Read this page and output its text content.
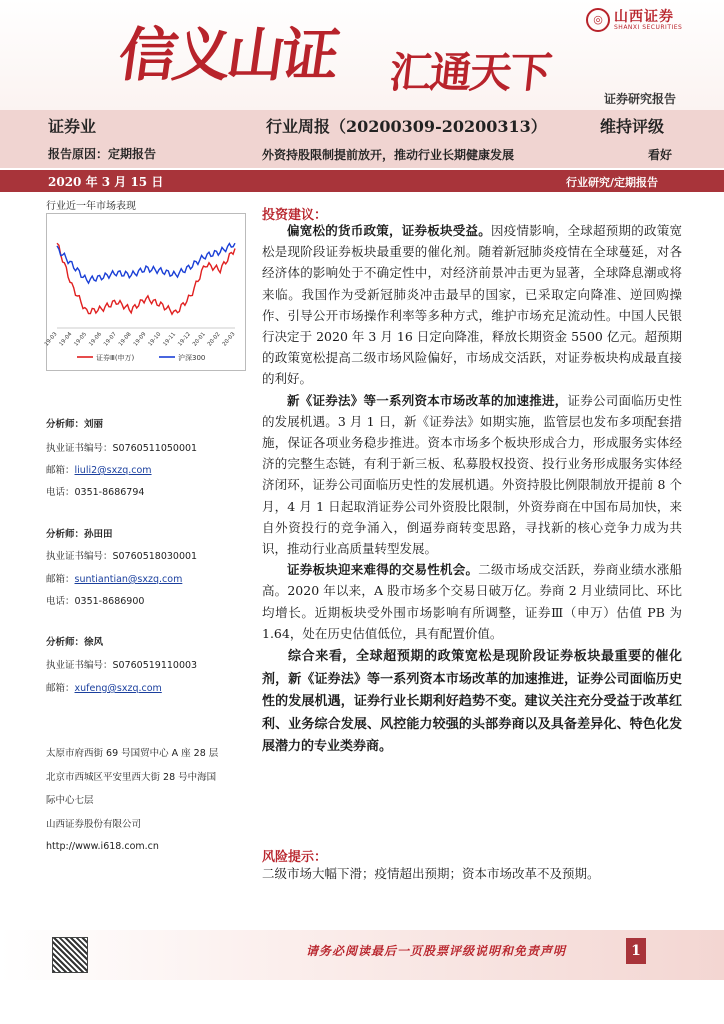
信义山证 汇通天下
◎ 山西证券
SHANXI SECURITIES
证券研究报告
证券业	行业周报（20200309-20200313）	维持评级
报告原因：定期报告	外资持股限制提前放开，推动行业长期健康发展	看好
2020 年 3 月 15 日	行业研究/定期报告
行业近一年市场表现
19-03 19-04 19-05 19-06 19-07 19-08 19-09 19-10 19-11 19-12 20-01 20-02 20-03
证券Ⅲ(申万)	沪深300
分析师：刘丽
执业证书编号：S0760511050001
邮箱：liuli2@sxzq.com
电话：0351-8686794
分析师：孙田田
执业证书编号：S0760518030001
邮箱：suntiantian@sxzq.com
电话：0351-8686900
分析师：徐风
执业证书编号：S0760519110003
邮箱：xufeng@sxzq.com
太原市府西街 69 号国贸中心 A 座 28 层
北京市西城区平安里西大街 28 号中海国
际中心七层
山西证券股份有限公司
http://www.i618.com.cn
投资建议：

偏宽松的货币政策，证券板块受益。因疫情影响，全球超预期的政策宽松是现阶段证券板块最重要的催化剂。随着新冠肺炎疫情在全球蔓延，对各经济体的影响处于不确定性中，对经济前景冲击更为显著，全球降息潮或将来临。我国作为受新冠肺炎冲击最早的国家，已采取定向降准、逆回购操作、引导公开市场操作利率等多种方式，维护市场充足流动性。中国人民银行决定于 2020 年 3 月 16 日定向降准，释放长期资金 5500 亿元。超预期的政策宽松提高二级市场风险偏好，市场成交活跃，对证券板块构成最直接的利好。

新《证券法》等一系列资本市场改革的加速推进，证券公司面临历史性的发展机遇。3 月 1 日，新《证券法》如期实施，监管层也发布多项配套措施，保证各项业务稳步推进。资本市场多个板块形成合力，形成服务实体经济的完整生态链，有利于新三板、私募股权投资、投行业务形成服务实体经济闭环，证券公司面临历史性的发展机遇。外资持股比例限制放开提前 8 个月，4 月 1 日起取消证券公司外资股比限制，外资券商在中国布局加快，来自外资投行的竞争涌入，倒逼券商转变思路，寻找新的核心竞争力成为共识，推动行业高质量转型发展。

证券板块迎来难得的交易性机会。二级市场成交活跃，券商业绩水涨船高。2020 年以来，A 股市场多个交易日破万亿。券商 2 月业绩同比、环比均增长。近期板块受外围市场影响有所调整，证券Ⅲ（申万）估值 PB 为 1.64，处在历史估值低位，具有配置价值。

综合来看，全球超预期的政策宽松是现阶段证券板块最重要的催化剂，新《证券法》等一系列资本市场改革的加速推进，证券公司面临历史性的发展机遇，证券行业长期利好趋势不变。建议关注充分受益于改革红利、业务综合发展、风控能力较强的头部券商以及具备差异化、特色化发展潜力的专业类券商。

风险提示：
二级市场大幅下滑；疫情超出预期；资本市场改革不及预期。
请务必阅读最后一页股票评级说明和免责声明	1
